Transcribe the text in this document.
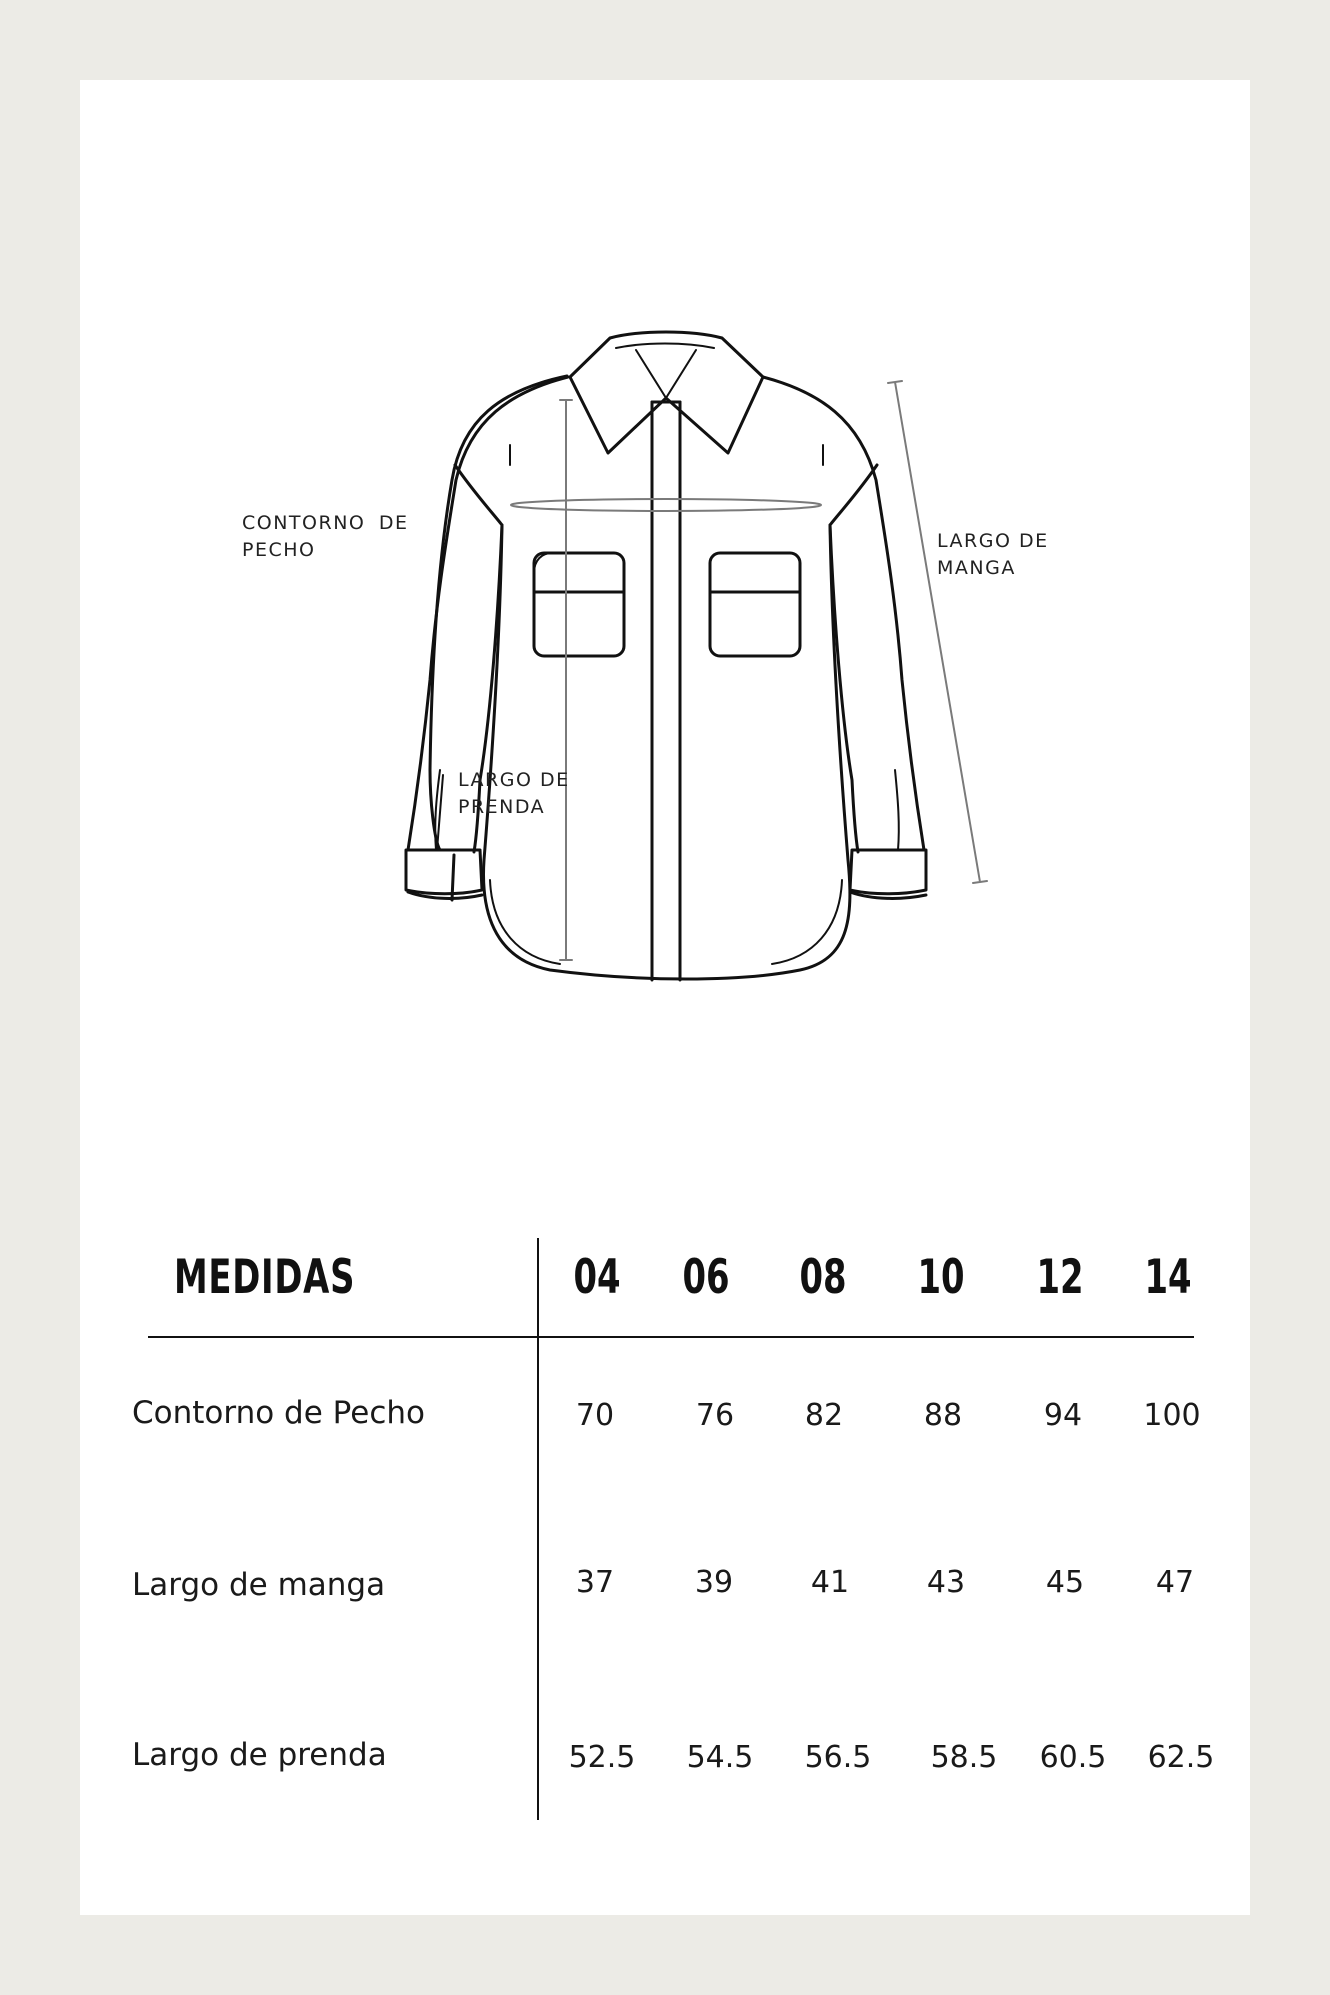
CONTORNO DE
PECHO	LARGO DE
MANGA
LARGO DE
PRENDA
MEDIDAS	04 06 08 10 12 14
Contorno de Pecho	70	76	82	88	94	100
Largo de manga	37	39	41	43	45	47
Largo de prenda	52.5	54.5	56.5	58.5	60.5	62.5
